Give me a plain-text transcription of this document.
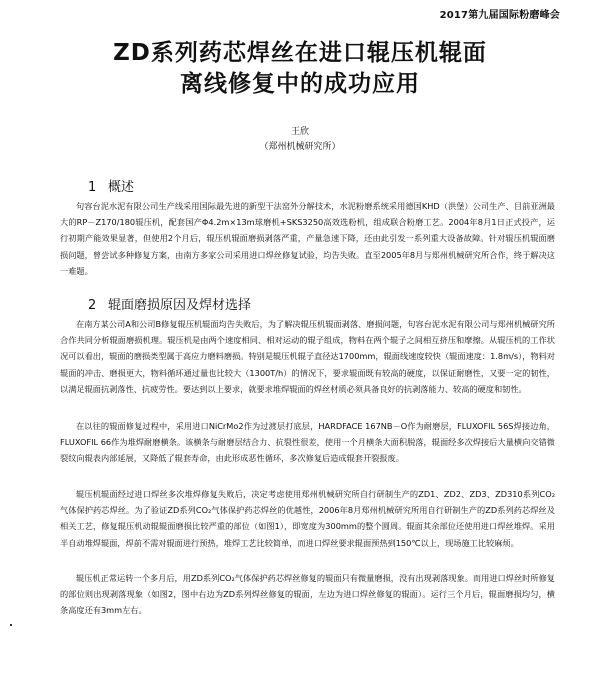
2017第九届国际粉磨峰会
ZD系列药芯焊丝在进口辊压机辊面
离线修复中的成功应用
王欣
（郑州机械研究所）
1 概述

句容台泥水泥有限公司生产线采用国际最先进的新型干法窑外分解技术，水泥粉磨系统采用德国KHD（洪堡）公司生产、目前亚洲最大的RP－Z170/180辊压机，配套国产Φ4.2m×13m球磨机+SKS3250高效选粉机，组成联合粉磨工艺。2004年8月1日正式投产，运行初期产能效果显著，但使用2个月后，辊压机辊面磨损剥落严重，产量急速下降，还由此引发一系列重大设备故障。针对辊压机辊面磨损问题，曾尝试多种修复方案，由南方多家公司采用进口焊丝修复试验，均告失败。直至2005年8月与郑州机械研究所合作，终于解决这一难题。

2 辊面磨损原因及焊材选择

在南方某公司A和公司B修复辊压机辊面均告失败后，为了解决辊压机辊面剥落、磨损问题，句容台泥水泥有限公司与郑州机械研究所合作共同分析辊面磨损机理。辊压机是由两个速度相同、相对运动的辊子组成，物料在两个辊子之间相互挤压和摩擦。从辊压机的工作状况可以看出，辊面的磨损类型属于高应力磨料磨损。特别是辊压机辊子直径达1700mm，辊面线速度较快（辊面速度：1.8m/s），物料对辊面的冲击、磨损更大，物料循环通过量也比较大（1300T/h）的情况下，要求辊面既有较高的硬度，以保证耐磨性，又要一定的韧性，以满足辊面抗剥落性、抗疲劳性。要达到以上要求，就要求堆焊辊面的焊丝材质必须具备良好的抗剥落能力、较高的硬度和韧性。

在以往的辊面修复过程中，采用进口NiCrMo2作为过渡层打底层，HARDFACE 167NB－O作为耐磨层，FLUXOFIL 56S焊接边角，FLUXOFIL 66作为堆焊耐磨横条。该横条与耐磨层结合力、抗裂性很差，使用一个月横条大面积脱落，辊面经多次焊接后大量横向交错微裂纹向辊表内部延展，又降低了辊套寿命，由此形成恶性循环，多次修复后造成辊套开裂报废。

辊压机辊面经过进口焊丝多次堆焊修复失败后，决定考虑使用郑州机械研究所自行研制生产的ZD1、ZD2、ZD3、ZD310系列CO₂气体保护药芯焊丝。为了验证ZD系列CO₂气体保护药芯焊丝的优越性，2006年8月郑州机械研究所用自行研制生产的ZD系列药芯焊丝及相关工艺，修复辊压机动辊辊面磨损比较严重的部位（如图1），即宽度为300mm的整个圆周。辊面其余部位还使用进口焊丝堆焊。采用半自动堆焊辊面，焊前不需对辊面进行预热，堆焊工艺比较简单，而进口焊丝要求辊面预热到150℃以上，现场施工比较麻烦。

辊压机正常运转一个多月后，用ZD系列CO₂气体保护药芯焊丝修复的辊面只有微量磨损，没有出现剥落现象。而用进口焊丝时所修复的部位则出现剥落现象（如图2，图中右边为ZD系列焊丝修复的辊面，左边为进口焊丝修复的辊面）。运行三个月后，辊面磨损均匀，横条高度还有3mm左右。
